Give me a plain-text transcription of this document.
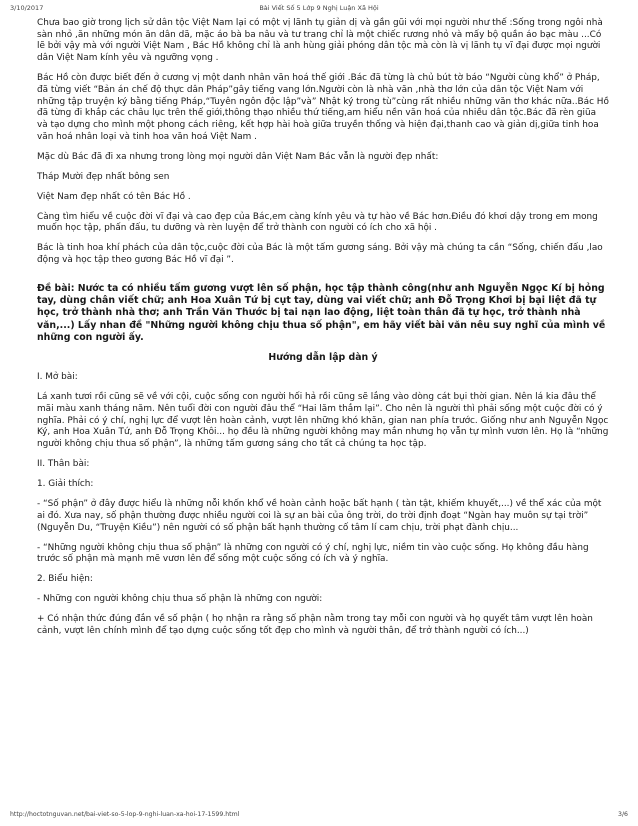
3/10/2017	Bài Viết Số 5 Lớp 9 Nghị Luận Xã Hội

Chưa bao giờ trong lịch sử dân tộc Việt Nam lại có một vị lãnh tụ giản dị và gần gũi với mọi người như thế :Sống trong ngôi nhà sàn nhỏ ,ăn những món ăn dân dã, mặc áo bà ba nâu và tư trang chỉ là một chiếc rương nhỏ và mấy bộ quần áo bạc màu ...Có lẽ bởi vậy mà với người Việt Nam , Bác Hồ không chỉ là anh hùng giải phóng dân tộc mà còn là vị lãnh tụ vĩ đại được mọi người dân Việt Nam kính yêu và ngưỡng vọng .

Bác Hồ còn được biết đến ở cương vị một danh nhân văn hoá thế giới .Bác đã từng là chủ bút tờ báo “Người cùng khổ” ở Pháp, đã từng viết “Bản án chế độ thực dân Pháp”gây tiếng vang lớn.Người còn là nhà văn ,nhà thơ lớn của dân tộc Việt Nam với những tập truyện ký bằng tiếng Pháp,“Tuyên ngôn độc lập”và” Nhật ký trong tù”cùng rất nhiều những văn thơ khác nữa..Bác Hồ đã từng đi khắp các châu lục trên thế giới,thông thạo nhiều thứ tiếng,am hiểu nền văn hoá của nhiều dân tộc.Bác đã rèn giũa và tạo dựng cho mình một phong cách riêng, kết hợp hài hoà giữa truyền thống và hiện đại,thanh cao và giản dị,giữa tinh hoa văn hoá nhân loại và tinh hoa văn hoá Việt Nam .

Mặc dù Bác đã đi xa nhưng trong lòng mọi người dân Việt Nam Bác vẫn là người đẹp nhất:

Tháp Mười đẹp nhất bông sen

Việt Nam đẹp nhất có tên Bác Hồ .

Càng tìm hiểu về cuộc đời vĩ đại và cao đẹp của Bác,em càng kính yêu và tự hào về Bác hơn.Điều đó khơi dậy trong em mong muốn học tập, phấn đấu, tu dưỡng và rèn luyện để trở thành con người có ích cho xã hội .

Bác là tinh hoa khí phách của dân tộc,cuộc đời của Bác là một tấm gương sáng. Bởi vậy mà chúng ta cần “Sống, chiến đấu ,lao động và học tập theo gương Bác Hồ vĩ đại ”.

Đề bài: Nước ta có nhiều tấm gương vượt lên số phận, học tập thành công(như anh Nguyễn Ngọc Kí bị hỏng tay, dùng chân viết chữ; anh Hoa Xuân Tứ bị cụt tay, dùng vai viết chữ; anh Đỗ Trọng Khơi bị bại liệt đã tự học, trở thành nhà thơ; anh Trần Văn Thước bị tai nạn lao động, liệt toàn thân đã tự học, trở thành nhà văn,...) Lấy nhan đề "Những người không chịu thua số phận", em hãy viết bài văn nêu suy nghĩ của mình về những con người ấy.

Hướng dẫn lập dàn ý

I. Mở bài:

Lá xanh tươi rồi cũng sẽ về với cội, cuộc sống con người hối hả rồi cũng sẽ lắng vào dòng cát bụi thời gian. Nên lá kia đâu thể mãi màu xanh tháng năm. Nên tuổi đời con người đâu thể “Hai lăm thắm lại”. Cho nên là người thì phải sống một cuộc đời có ý nghĩa. Phải có ý chí, nghị lực để vượt lên hoàn cảnh, vượt lên những khó khăn, gian nan phía trước. Giống như anh Nguyễn Ngọc Ký, anh Hoa Xuân Tứ, anh Đỗ Trọng Khôi... họ đều là những người không may mắn nhưng họ vẫn tự mình vươn lên. Họ là “những người không chịu thua số phận”, là những tấm gương sáng cho tất cả chúng ta học tập.

II. Thân bài:

1. Giải thích:

- “Số phận” ở đây được hiểu là những nỗi khốn khổ về hoàn cảnh hoặc bất hạnh ( tàn tật, khiếm khuyết,...) về thể xác của một ai đó. Xưa nay, số phận thường được nhiều người coi là sự an bài của ông trời, do trời định đoạt “Ngàn hay muôn sự tại trời” (Nguyễn Du, “Truyện Kiều”) nên người có số phận bất hạnh thường cố tâm lí cam chịu, trời phạt đành chịu...

- “Những người không chịu thua số phận” là những con người có ý chí, nghị lực, niềm tin vào cuộc sống. Họ không đầu hàng trước số phận mà mạnh mẽ vươn lên để sống một cuộc sống có ích và ý nghĩa.

2. Biểu hiện:

- Những con người không chịu thua số phận là những con người:

+ Có nhận thức đúng đắn về số phận ( họ nhận ra rằng số phận nằm trong tay mỗi con người và họ quyết tâm vượt lên hoàn cảnh, vượt lên chính mình để tạo dựng cuộc sống tốt đẹp cho mình và người thân, để trở thành người có ích...)

http://hoctotnguvan.net/bai-viet-so-5-lop-9-nghi-luan-xa-hoi-17-1599.html	3/6
